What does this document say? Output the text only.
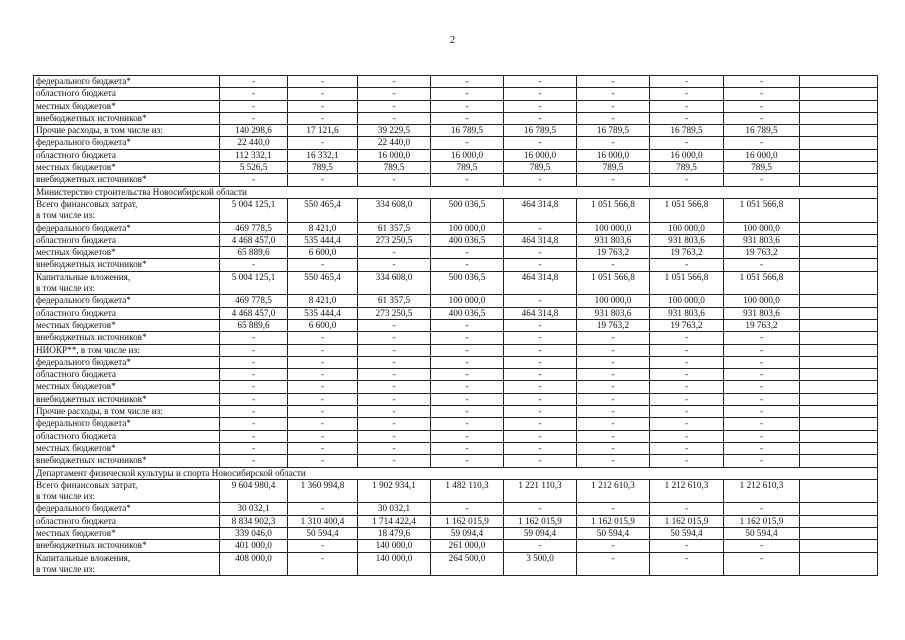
2
федерального бюджета*	-	-	-	-	-	-	-	-	

областного бюджета	-	-	-	-	-	-	-	-	

местных бюджетов*	-	-	-	-	-	-	-	-	

внебюджетных источников*	-	-	-	-	-	-	-	-	

Прочие расходы, в том числе из:	140 298,6	17 121,6	39 229,5	16 789,5	16 789,5	16 789,5	16 789,5	16 789,5	

федерального бюджета*	22 440,0	-	22 440,0	-	-	-	-	-	

областного бюджета	112 332,1	16 332,1	16 000,0	16 000,0	16 000,0	16 000,0	16 000,0	16 000,0	

местных бюджетов*	5 526,5	789,5	789,5	789,5	789,5	789,5	789,5	789,5	

внебюджетных источников*	-	-	-	-	-	-	-	-	
Министерство строительства Новосибирской области									

Всего финансовых затрат,
в том числе из:	5 004 125,1	550 465,4	334 608,0	500 036,5	464 314,8	1 051 566,8	1 051 566,8	1 051 566,8	

федерального бюджета*	469 778,5	8 421,0	61 357,5	100 000,0	-	100 000,0	100 000,0	100 000,0	

областного бюджета	4 468 457,0	535 444,4	273 250,5	400 036,5	464 314,8	931 803,6	931 803,6	931 803,6	

местных бюджетов*	65 889,6	6 600,0	-	-	-	19 763,2	19 763,2	19 763,2	

внебюджетных источников*	-	-	-	-	-	-	-	-	

Капитальные вложения,
в том числе из:	5 004 125,1	550 465,4	334 608,0	500 036,5	464 314,8	1 051 566,8	1 051 566,8	1 051 566,8	

федерального бюджета*	469 778,5	8 421,0	61 357,5	100 000,0	-	100 000,0	100 000,0	100 000,0	

областного бюджета	4 468 457,0	535 444,4	273 250,5	400 036,5	464 314,8	931 803,6	931 803,6	931 803,6	

местных бюджетов*	65 889,6	6 600,0	-	-	-	19 763,2	19 763,2	19 763,2	

внебюджетных источников*	-	-	-	-	-	-	-	-	

НИОКР**, в том числе из:	-	-	-	-	-	-	-	-	

федерального бюджета*	-	-	-	-	-	-	-	-	

областного бюджета	-	-	-	-	-	-	-	-	

местных бюджетов*	-	-	-	-	-	-	-	-	

внебюджетных источников*	-	-	-	-	-	-	-	-	

Прочие расходы, в том числе из:	-	-	-	-	-	-	-	-	

федерального бюджета*	-	-	-	-	-	-	-	-	

областного бюджета	-	-	-	-	-	-	-	-	

местных бюджетов*	-	-	-	-	-	-	-	-	

внебюджетных источников*	-	-	-	-	-	-	-	-	
Департамент физической культуры и спорта Новосибирской области									

Всего финансовых затрат,
в том числе из:	9 604 980,4	1 360 994,8	1 902 934,1	1 482 110,3	1 221 110,3	1 212 610,3	1 212 610,3	1 212 610,3	

федерального бюджета*	30 032,1	-	30 032,1	-	-	-	-	-	

областного бюджета	8 834 902,3	1 310 400,4	1 714 422,4	1 162 015,9	1 162 015,9	1 162 015,9	1 162 015,9	1 162 015,9	

местных бюджетов*	339 046,0	50 594,4	18 479,6	59 094,4	59 094,4	50 594,4	50 594,4	50 594,4	

внебюджетных источников*	401 000,0	-	140 000,0	261 000,0	-	-	-	-	

Капитальные вложения,
в том числе из:	408 000,0	-	140 000,0	264 500,0	3 500,0	-	-	-	
